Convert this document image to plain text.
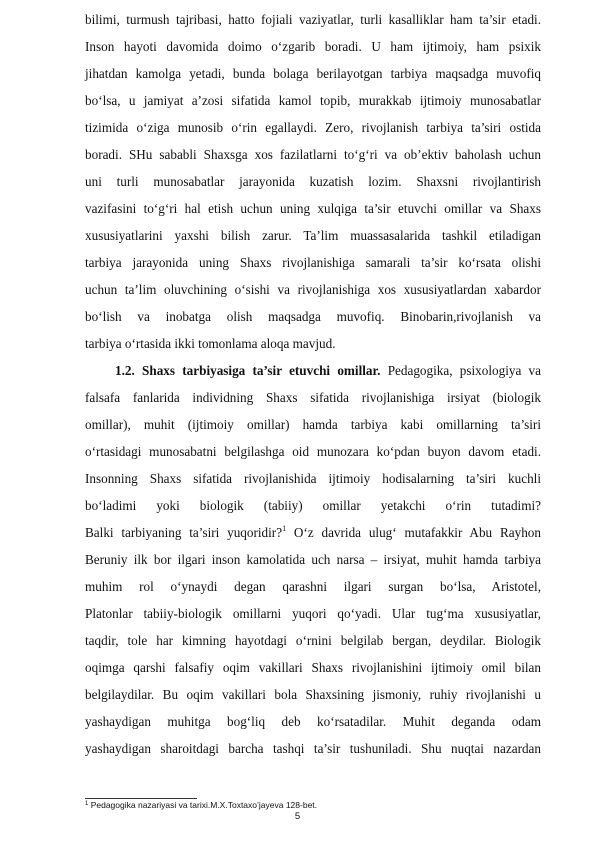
bilimi, turmush tajribasi, hatto fojiali vaziyatlar, turli kasalliklar ham ta’sir etadi.
Inson hayoti davomida doimo o‘zgarib boradi. U ham ijtimoiy, ham psixik
jihatdan kamolga yetadi, bunda bolaga berilayotgan tarbiya maqsadga muvofiq
bo‘lsa, u jamiyat a’zosi sifatida kamol topib, murakkab ijtimoiy munosabatlar
tizimida o‘ziga munosib o‘rin egallaydi. Zero, rivojlanish tarbiya ta’siri ostida
boradi. SHu sababli Shaxsga xos fazilatlarni to‘g‘ri va ob’ektiv baholash uchun
uni turli munosabatlar jarayonida kuzatish lozim. Shaxsni rivojlantirish
vazifasini to‘g‘ri hal etish uchun uning xulqiga ta’sir etuvchi omillar va Shaxs
xususiyatlarini yaxshi bilish zarur. Ta’lim muassasalarida tashkil etiladigan
tarbiya jarayonida uning Shaxs rivojlanishiga samarali ta’sir ko‘rsata olishi
uchun ta’lim oluvchining o‘sishi va rivojlanishiga xos xususiyatlardan xabardor
bo‘lish va inobatga olish maqsadga muvofiq. Binobarin,rivojlanish va
tarbiya o‘rtasida ikki tomonlama aloqa mavjud.
1.2. Shaxs tarbiyasiga ta’sir etuvchi omillar. Pedagogika, psixologiya va
falsafa fanlarida individning Shaxs sifatida rivojlanishiga irsiyat (biologik
omillar), muhit (ijtimoiy omillar) hamda tarbiya kabi omillarning ta’siri
o‘rtasidagi munosabatni belgilashga oid munozara ko‘pdan buyon davom etadi.
Insonning Shaxs sifatida rivojlanishida ijtimoiy hodisalarning ta’siri kuchli
bo‘ladimi yoki biologik (tabiiy) omillar yetakchi o‘rin tutadimi?
Balki tarbiyaning ta’siri yuqoridir?$^1$ O‘z davrida ulug‘ mutafakkir Abu Rayhon
Beruniy ilk bor ilgari inson kamolatida uch narsa – irsiyat, muhit hamda tarbiya
muhim rol o‘ynaydi degan qarashni ilgari surgan bo‘lsa, Aristotel,
Platonlar tabiiy-biologik omillarni yuqori qo‘yadi. Ular tug‘ma xususiyatlar,
taqdir, tole har kimning hayotdagi o‘rnini belgilab bergan, deydilar. Biologik
oqimga qarshi falsafiy oqim vakillari Shaxs rivojlanishini ijtimoiy omil bilan
belgilaydilar. Bu oqim vakillari bola Shaxsining jismoniy, ruhiy rivojlanishi u
yashaydigan muhitga bog‘liq deb ko‘rsatadilar. Muhit deganda odam
yashaydigan sharoitdagi barcha tashqi ta’sir tushuniladi. Shu nuqtai nazardan
$^1$ Pedagogika nazariyasi va tarixi.M.X.Toxtaxo’jayeva 128-bet.
5
